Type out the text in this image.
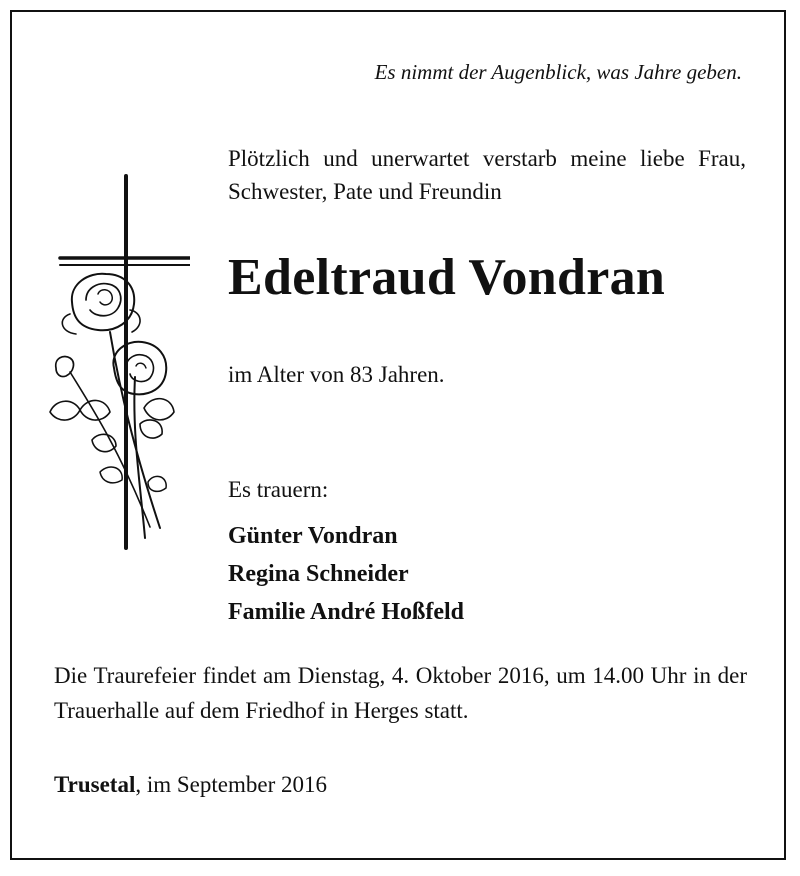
Es nimmt der Augenblick, was Jahre geben.
Plötzlich und unerwartet verstarb meine liebe Frau, Schwester, Pate und Freundin
Edeltraud Vondran
im Alter von 83 Jahren.
Es trauern:
Günter Vondran
Regina Schneider
Familie André Hoßfeld
Die Traurefeier findet am Dienstag, 4. Oktober 2016, um 14.00 Uhr in der Trauerhalle auf dem Friedhof in Herges statt.
Trusetal, im September 2016
